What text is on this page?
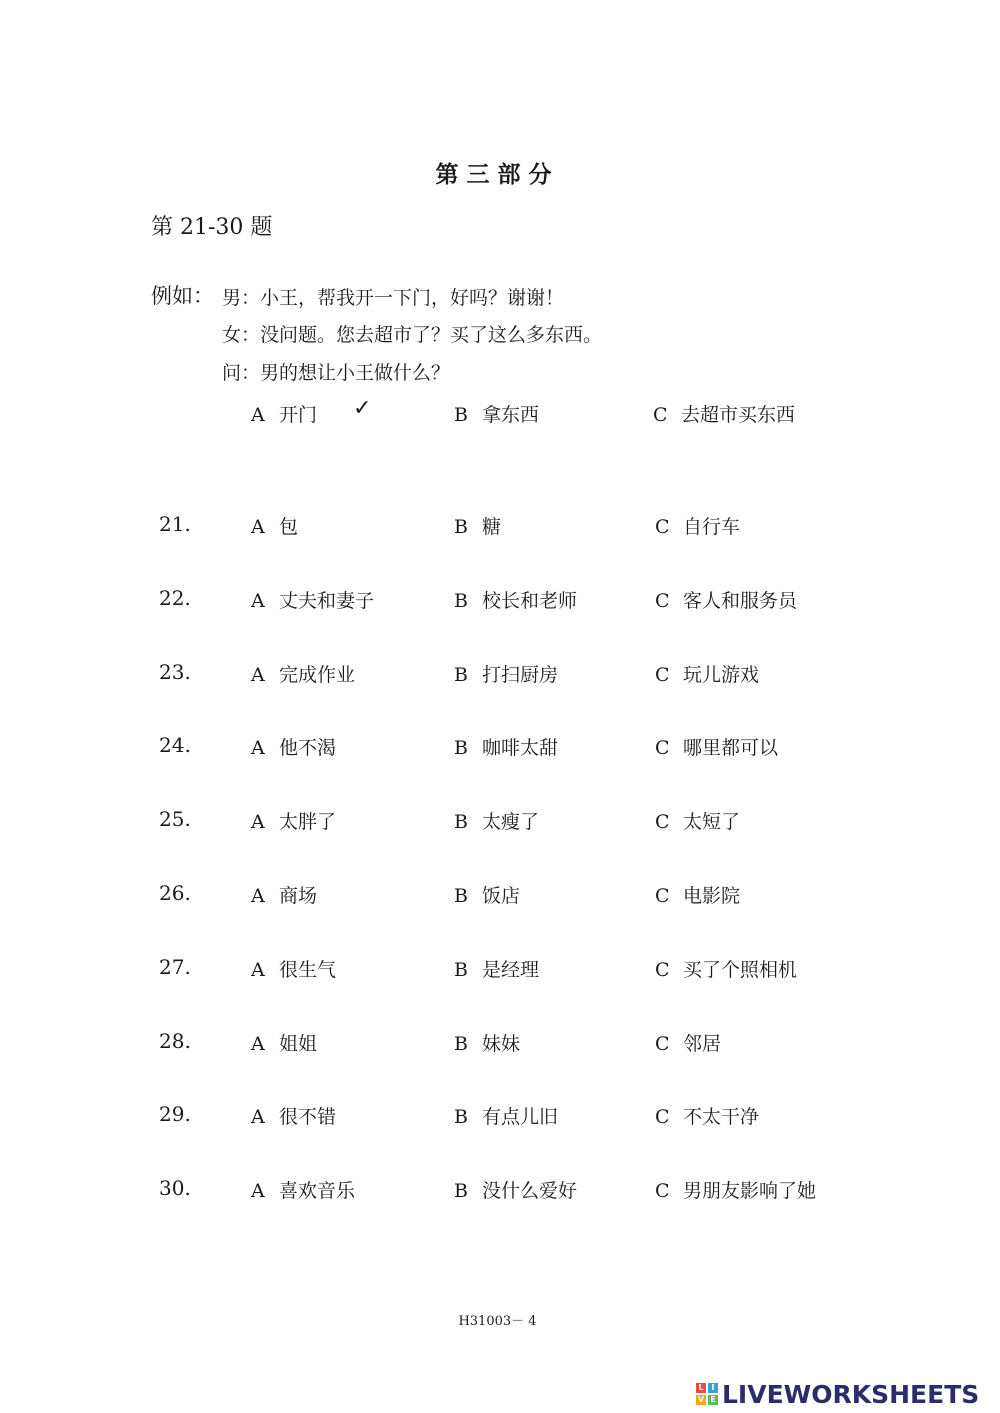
第三部分
第 21-30 题
例如： 男：小王，帮我开一下门，好吗？谢谢！
女：没问题。您去超市了？买了这么多东西。
问：男的想让小王做什么？
A 开门 ✓	B 拿东西	C 去超市买东西
21.	A 包	B 糖	C 自行车
22.	A 丈夫和妻子	B 校长和老师	C 客人和服务员
23.	A 完成作业	B 打扫厨房	C 玩儿游戏
24.	A 他不渴	B 咖啡太甜	C 哪里都可以
25.	A 太胖了	B 太瘦了	C 太短了
26.	A 商场	B 饭店	C 电影院
27.	A 很生气	B 是经理	C 买了个照相机
28.	A 姐姐	B 妹妹	C 邻居
29.	A 很不错	B 有点儿旧	C 不太干净
30.	A 喜欢音乐	B 没什么爱好	C 男朋友影响了她
H31003－ 4
L I
V E LIVEWORKSHEETS
